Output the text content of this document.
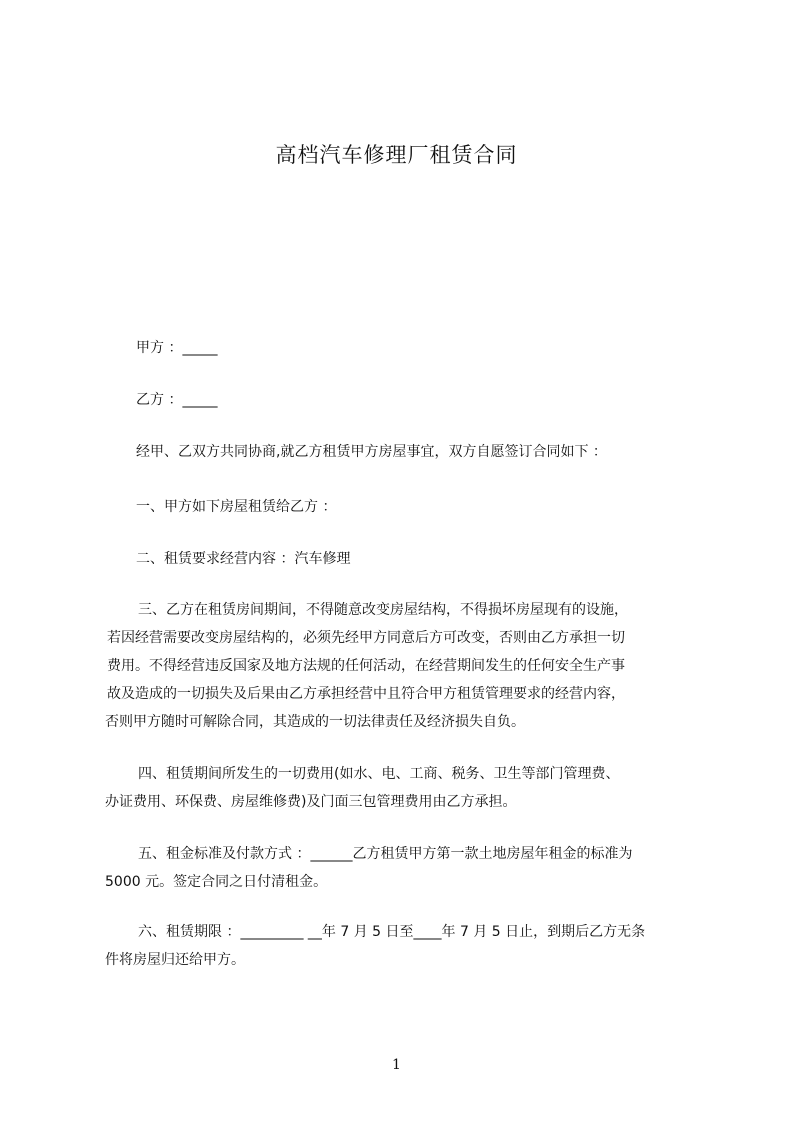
高档汽车修理厂租赁合同
甲方 ：_____
乙方 ：_____
经甲、乙双方共同协商,就乙方租赁甲方房屋事宜，双方自愿签订合同如下 ：
一、甲方如下房屋租赁给乙方 ：
二、租赁要求经营内容 ：汽车修理

三、乙方在租赁房间期间，不得随意改变房屋结构，不得损坏房屋现有的设施，

若因经营需要改变房屋结构的，必须先经甲方同意后方可改变，否则由乙方承担一切

费用。不得经营违反国家及地方法规的任何活动，在经营期间发生的任何安全生产事

故及造成的一切损失及后果由乙方承担经营中且符合甲方租赁管理要求的经营内容，

否则甲方随时可解除合同，其造成的一切法律责任及经济损失自负。

四、租赁期间所发生的一切费用(如水、电、工商、税务、卫生等部门管理费、

办证费用、环保费、房屋维修费)及门面三包管理费用由乙方承担。

五、租金标准及付款方式 ：______乙方租赁甲方第一款土地房屋年租金的标准为

5000 元。签定合同之日付清租金。

六、租赁期限 ：_________ __年 7 月 5 日至____年 7 月 5 日止，到期后乙方无条

件将房屋归还给甲方。

1
